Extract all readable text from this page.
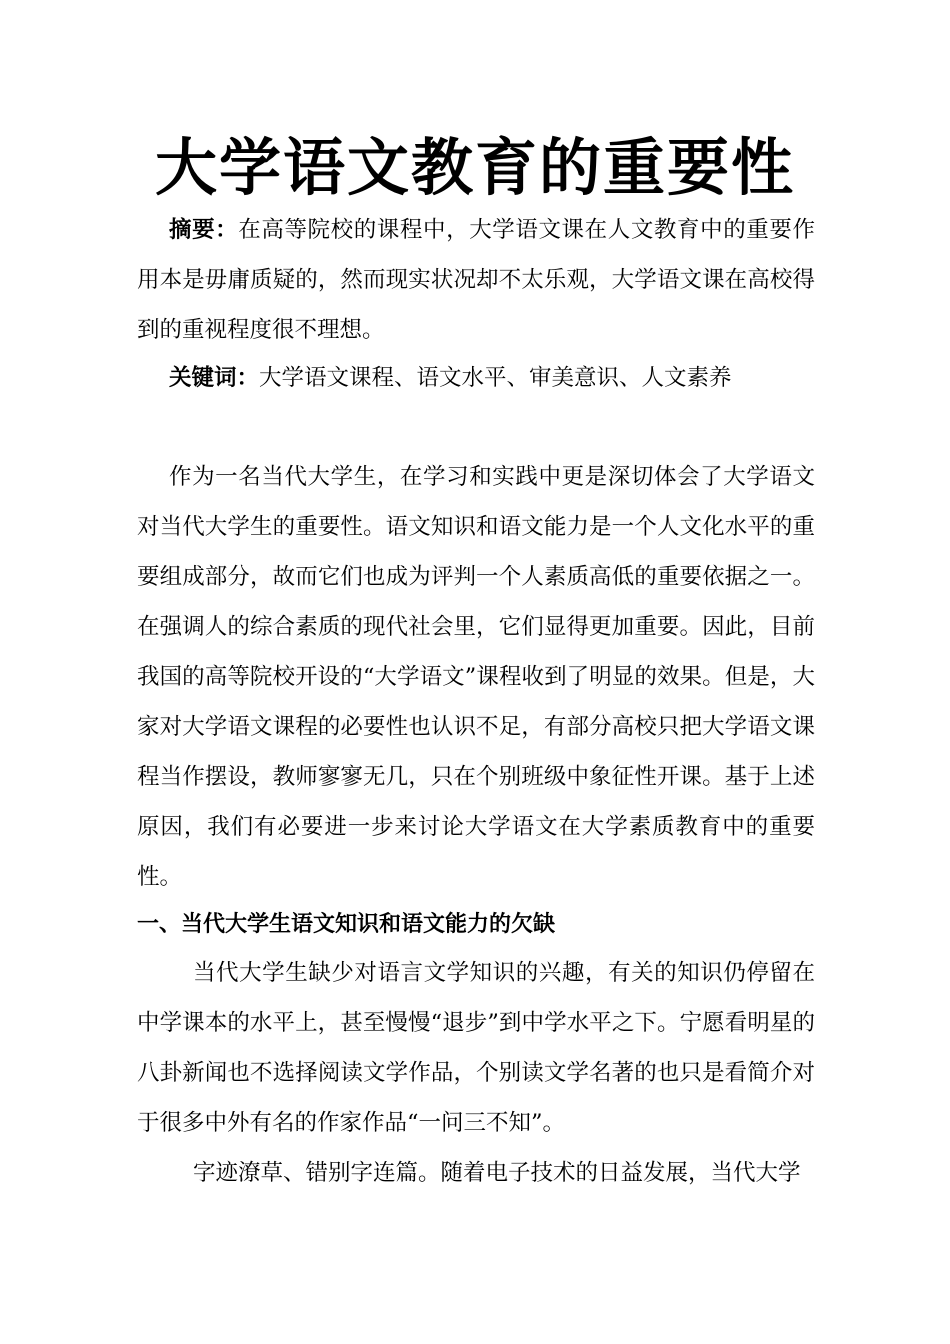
大学语文教育的重要性

摘要：在高等院校的课程中，大学语文课在人文教育中的重要作用本是毋庸质疑的，然而现实状况却不太乐观，大学语文课在高校得到的重视程度很不理想。

关键词：大学语文课程、语文水平、审美意识、人文素养

作为一名当代大学生，在学习和实践中更是深切体会了大学语文对当代大学生的重要性。语文知识和语文能力是一个人文化水平的重要组成部分，故而它们也成为评判一个人素质高低的重要依据之一。在强调人的综合素质的现代社会里，它们显得更加重要。因此，目前我国的高等院校开设的“大学语文”课程收到了明显的效果。但是，大家对大学语文课程的必要性也认识不足，有部分高校只把大学语文课程当作摆设，教师寥寥无几，只在个别班级中象征性开课。基于上述原因，我们有必要进一步来讨论大学语文在大学素质教育中的重要性。

一、当代大学生语文知识和语文能力的欠缺

当代大学生缺少对语言文学知识的兴趣，有关的知识仍停留在中学课本的水平上，甚至慢慢“退步”到中学水平之下。宁愿看明星的八卦新闻也不选择阅读文学作品，个别读文学名著的也只是看简介对于很多中外有名的作家作品“一问三不知”。

字迹潦草、错别字连篇。随着电子技术的日益发展，当代大学
